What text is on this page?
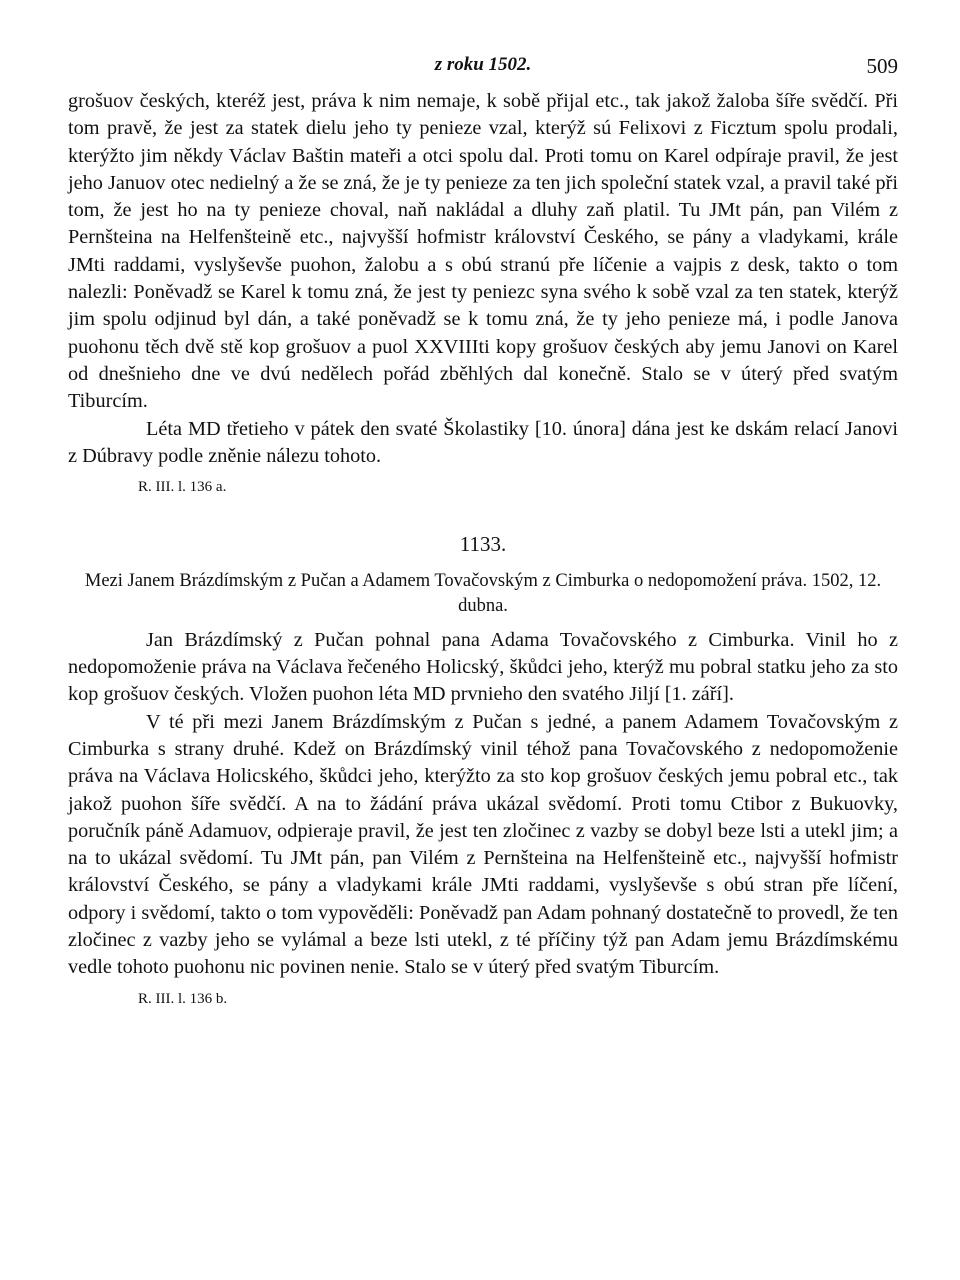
z roku 1502.	509

grošuov českých, kteréž jest, práva k nim nemaje, k sobě přijal etc., tak jakož žaloba šíře svědčí. Při tom pravě, že jest za statek dielu jeho ty penieze vzal, kterýž sú Felixovi z Ficztum spolu prodali, kterýžto jim někdy Václav Baštin mateři a otci spolu dal. Proti tomu on Karel odpíraje pravil, že jest jeho Januov otec nedielný a že se zná, že je ty penieze za ten jich společní statek vzal, a pravil také při tom, že jest ho na ty penieze choval, naň nakládal a dluhy zaň platil. Tu JMt pán, pan Vilém z Pernšteina na Helfenšteině etc., najvyšší hofmistr království Českého, se pány a vladykami, krále JMti raddami, vyslyševše puohon, žalobu a s obú stranú pře líčenie a vajpis z desk, takto o tom nalezli: Poněvadž se Karel k tomu zná, že jest ty peniezc syna svého k sobě vzal za ten statek, kterýž jim spolu odjinud byl dán, a také poněvadž se k tomu zná, že ty jeho penieze má, i podle Janova puohonu těch dvě stě kop grošuov a puol XXVIIIti kopy grošuov českých aby jemu Janovi on Karel od dnešnieho dne ve dvú nedělech pořád zběhlých dal konečně. Stalo se v úterý před svatým Tiburcím.

Léta MD třetieho v pátek den svaté Školastiky [10. února] dána jest ke dskám relací Janovi z Dúbravy podle zněnie nálezu tohoto.

R. III. l. 136 a.
1133.
Mezi Janem Brázdímským z Pučan a Adamem Tovačovským z Cimburka o nedopomožení práva. 1502, 12. dubna.

Jan Brázdímský z Pučan pohnal pana Adama Tovačovského z Cimburka. Vinil ho z nedopomoženie práva na Václava řečeného Holicský, škůdci jeho, kterýž mu pobral statku jeho za sto kop grošuov českých. Vložen puohon léta MD prvnieho den svatého Jiljí [1. září].

V té při mezi Janem Brázdímským z Pučan s jedné, a panem Adamem Tovačovským z Cimburka s strany druhé. Kdež on Brázdímský vinil téhož pana Tovačovského z nedopomoženie práva na Václava Holicského, škůdci jeho, kterýžto za sto kop grošuov českých jemu pobral etc., tak jakož puohon šíře svědčí. A na to žádání práva ukázal svědomí. Proti tomu Ctibor z Bukuovky, poručník páně Adamuov, odpieraje pravil, že jest ten zločinec z vazby se dobyl beze lsti a utekl jim; a na to ukázal svědomí. Tu JMt pán, pan Vilém z Pernšteina na Helfenšteině etc., najvyšší hofmistr království Českého, se pány a vladykami krále JMti raddami, vyslyševše s obú stran pře líčení, odpory i svědomí, takto o tom vypověděli: Poněvadž pan Adam pohnaný dostatečně to provedl, že ten zločinec z vazby jeho se vylámal a beze lsti utekl, z té příčiny týž pan Adam jemu Brázdímskému vedle tohoto puohonu nic povinen nenie. Stalo se v úterý před svatým Tiburcím.

R. III. l. 136 b.
